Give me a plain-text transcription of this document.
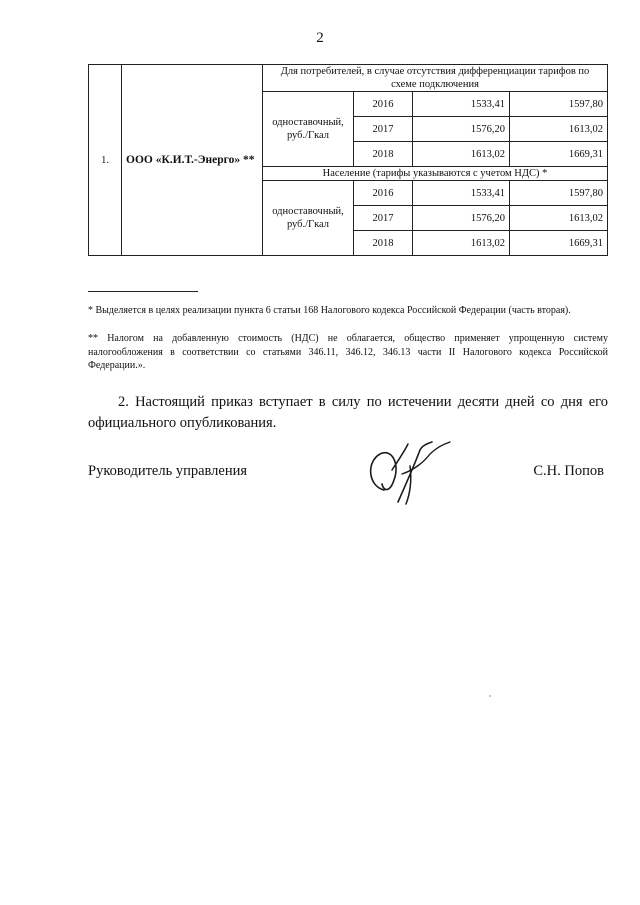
2
1.	ООО «К.И.Т.-Энерго» **	Для потребителей, в случае отсутствия дифференциации тарифов по схеме подключения			
		одноставочный, руб./Гкал	2016	1533,41	1597,80
			2017	1576,20	1613,02
			2018	1613,02	1669,31
		Население (тарифы указываются с учетом НДС) *			
		одноставочный, руб./Гкал	2016	1533,41	1597,80
			2017	1576,20	1613,02
			2018	1613,02	1669,31

* Выделяется в целях реализации пункта 6 статьи 168 Налогового кодекса Российской Федерации (часть вторая).

** Налогом на добавленную стоимость (НДС) не облагается, общество применяет упрощенную систему налогообложения в соответствии со статьями 346.11, 346.12, 346.13 части II Налогового кодекса Российской Федерации.».

2. Настоящий приказ вступает в силу по истечении десяти дней со дня его официального опубликования.

Руководитель управления	С.Н. Попов
